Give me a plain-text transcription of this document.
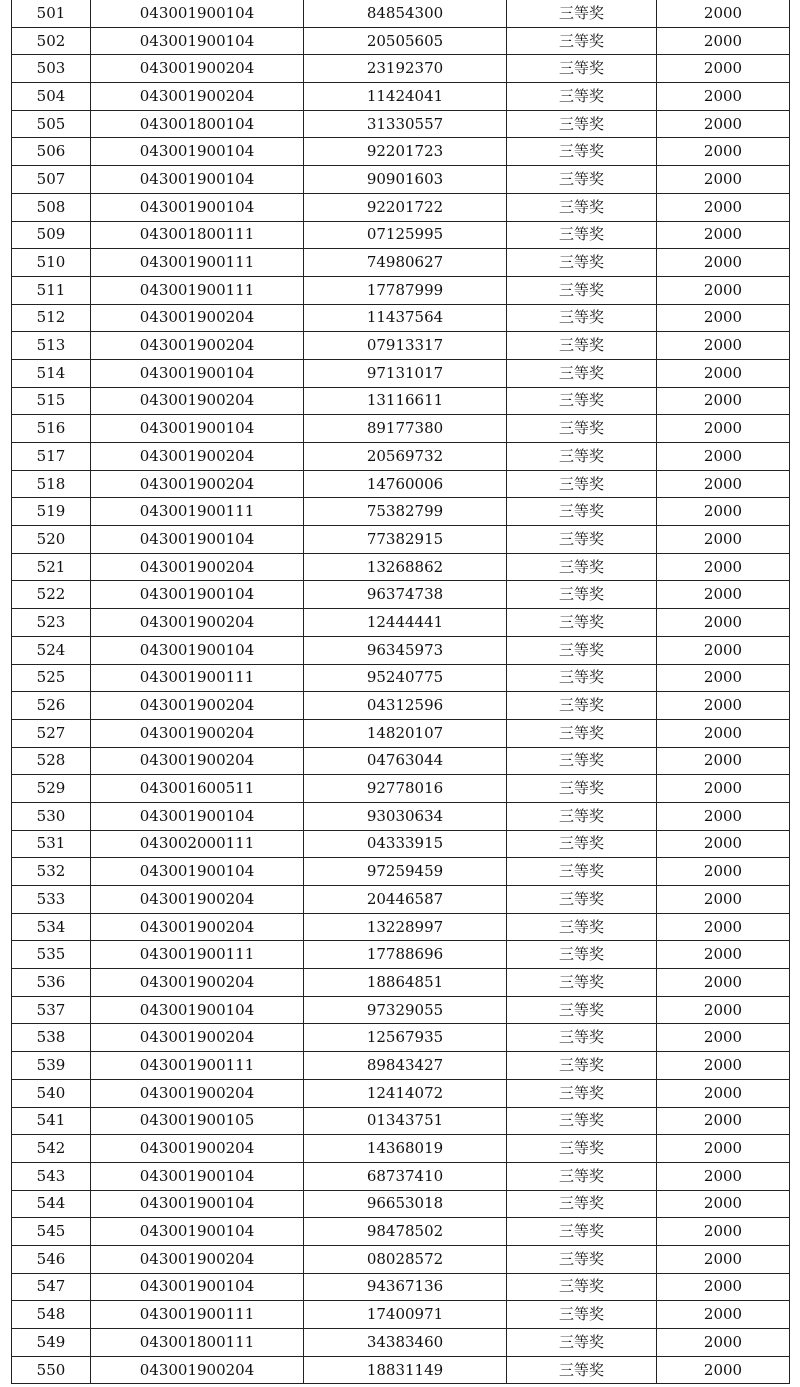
501	043001900104	84854300	三等奖	2000
502	043001900104	20505605	三等奖	2000
503	043001900204	23192370	三等奖	2000
504	043001900204	11424041	三等奖	2000
505	043001800104	31330557	三等奖	2000
506	043001900104	92201723	三等奖	2000
507	043001900104	90901603	三等奖	2000
508	043001900104	92201722	三等奖	2000
509	043001800111	07125995	三等奖	2000
510	043001900111	74980627	三等奖	2000
511	043001900111	17787999	三等奖	2000
512	043001900204	11437564	三等奖	2000
513	043001900204	07913317	三等奖	2000
514	043001900104	97131017	三等奖	2000
515	043001900204	13116611	三等奖	2000
516	043001900104	89177380	三等奖	2000
517	043001900204	20569732	三等奖	2000
518	043001900204	14760006	三等奖	2000
519	043001900111	75382799	三等奖	2000
520	043001900104	77382915	三等奖	2000
521	043001900204	13268862	三等奖	2000
522	043001900104	96374738	三等奖	2000
523	043001900204	12444441	三等奖	2000
524	043001900104	96345973	三等奖	2000
525	043001900111	95240775	三等奖	2000
526	043001900204	04312596	三等奖	2000
527	043001900204	14820107	三等奖	2000
528	043001900204	04763044	三等奖	2000
529	043001600511	92778016	三等奖	2000
530	043001900104	93030634	三等奖	2000
531	043002000111	04333915	三等奖	2000
532	043001900104	97259459	三等奖	2000
533	043001900204	20446587	三等奖	2000
534	043001900204	13228997	三等奖	2000
535	043001900111	17788696	三等奖	2000
536	043001900204	18864851	三等奖	2000
537	043001900104	97329055	三等奖	2000
538	043001900204	12567935	三等奖	2000
539	043001900111	89843427	三等奖	2000
540	043001900204	12414072	三等奖	2000
541	043001900105	01343751	三等奖	2000
542	043001900204	14368019	三等奖	2000
543	043001900104	68737410	三等奖	2000
544	043001900104	96653018	三等奖	2000
545	043001900104	98478502	三等奖	2000
546	043001900204	08028572	三等奖	2000
547	043001900104	94367136	三等奖	2000
548	043001900111	17400971	三等奖	2000
549	043001800111	34383460	三等奖	2000
550	043001900204	18831149	三等奖	2000
